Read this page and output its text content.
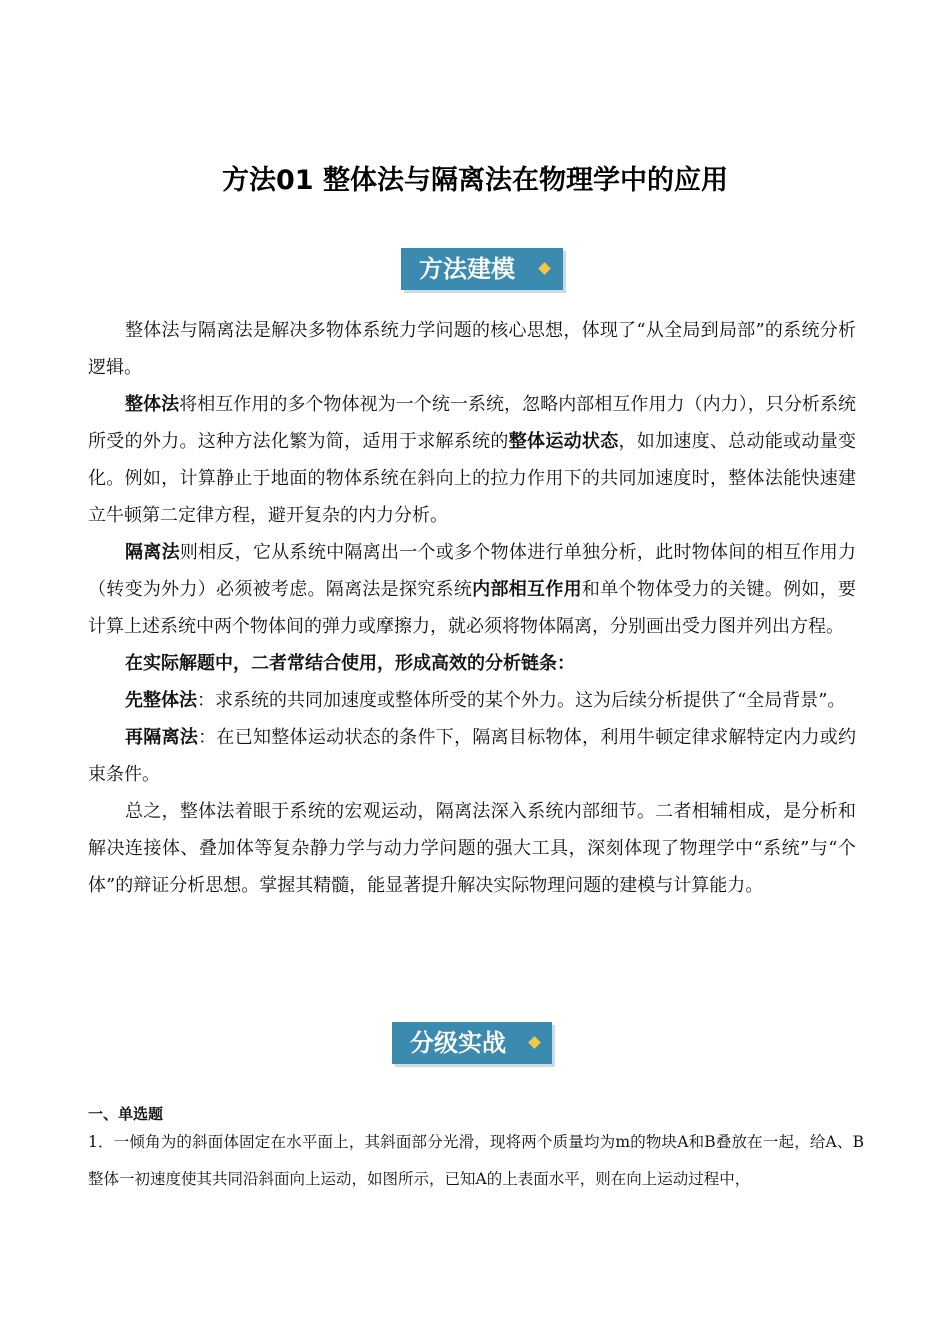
方法01 整体法与隔离法在物理学中的应用
方法建模

整体法与隔离法是解决多物体系统力学问题的核心思想，体现了“从全局到局部”的系统分析逻辑。

整体法将相互作用的多个物体视为一个统一系统，忽略内部相互作用力（内力），只分析系统所受的外力。这种方法化繁为简，适用于求解系统的整体运动状态，如加速度、总动能或动量变化。例如，计算静止于地面的物体系统在斜向上的拉力作用下的共同加速度时，整体法能快速建立牛顿第二定律方程，避开复杂的内力分析。

隔离法则相反，它从系统中隔离出一个或多个物体进行单独分析，此时物体间的相互作用力（转变为外力）必须被考虑。隔离法是探究系统内部相互作用和单个物体受力的关键。例如，要计算上述系统中两个物体间的弹力或摩擦力，就必须将物体隔离，分别画出受力图并列出方程。

在实际解题中，二者常结合使用，形成高效的分析链条：

先整体法：求系统的共同加速度或整体所受的某个外力。这为后续分析提供了“全局背景”。

再隔离法：在已知整体运动状态的条件下，隔离目标物体，利用牛顿定律求解特定内力或约束条件。

总之，整体法着眼于系统的宏观运动，隔离法深入系统内部细节。二者相辅相成，是分析和解决连接体、叠加体等复杂静力学与动力学问题的强大工具，深刻体现了物理学中“系统”与“个体”的辩证分析思想。掌握其精髓，能显著提升解决实际物理问题的建模与计算能力。

分级实战
一、单选题
1．一倾角为的斜面体固定在水平面上，其斜面部分光滑，现将两个质量均为m的物块A和B叠放在一起，给A、B整体一初速度使其共同沿斜面向上运动，如图所示，已知A的上表面水平，则在向上运动过程中，
